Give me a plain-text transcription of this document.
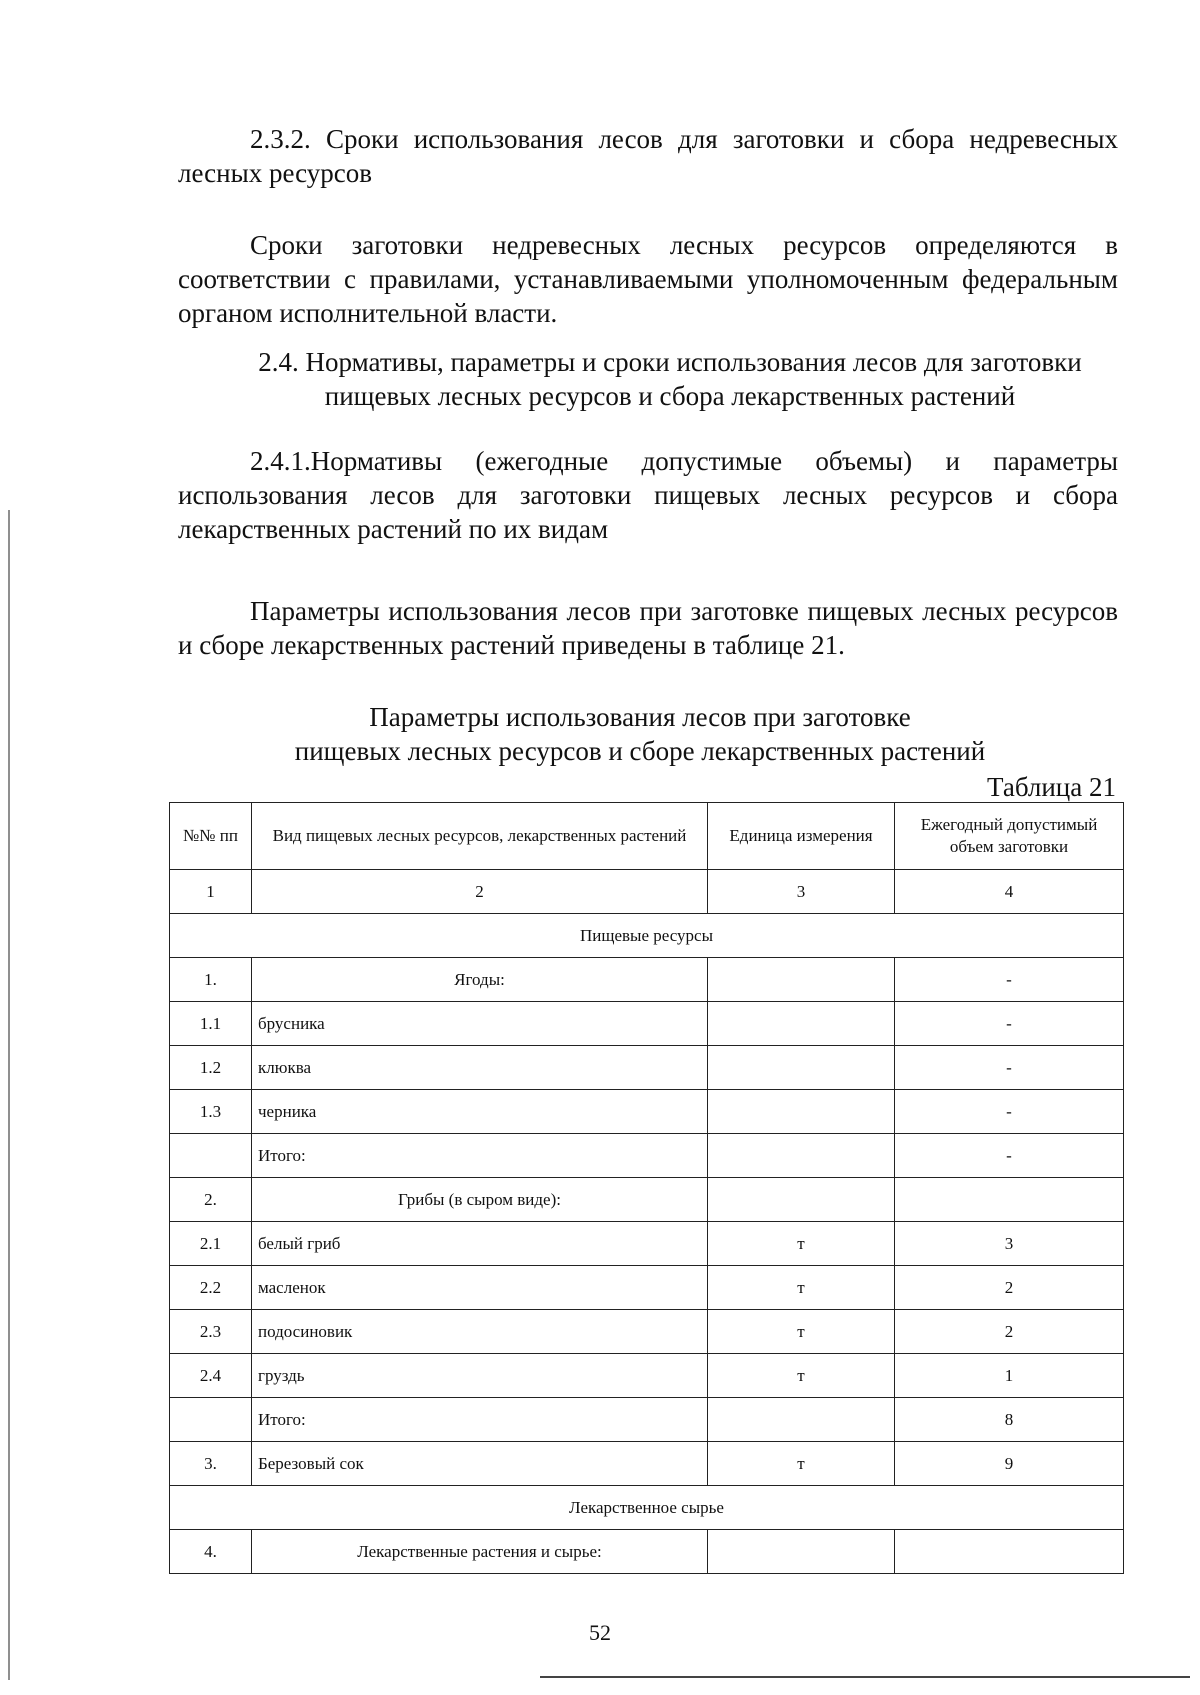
2.3.2. Сроки использования лесов для заготовки и сбора недревесных лесных ресурсов

Сроки заготовки недревесных лесных ресурсов определяются в соответствии с правилами, устанавливаемыми уполномоченным федеральным органом исполнительной власти.

2.4. Нормативы, параметры и сроки использования лесов для заготовки пищевых лесных ресурсов и сбора лекарственных растений

2.4.1.Нормативы (ежегодные допустимые объемы) и параметры использования лесов для заготовки пищевых лесных ресурсов и сбора лекарственных растений по их видам

Параметры использования лесов при заготовке пищевых лесных ресурсов и сборе лекарственных растений приведены в таблице 21.

Параметры использования лесов при заготовке

пищевых лесных ресурсов и сборе лекарственных растений

Таблица 21

№№ пп	Вид пищевых лесных ресурсов, лекарственных растений	Единица измерения	Ежегодный допустимый объем заготовки
1	2	3	4
Пищевые ресурсы			
1.	Ягоды:		-
1.1	брусника		-
1.2	клюква		-
1.3	черника		-
	Итого:		-
2.	Грибы (в сыром виде):		
2.1	белый гриб	т	3
2.2	масленок	т	2
2.3	подосиновик	т	2
2.4	груздь	т	1
	Итого:		8
3.	Березовый сок	т	9
Лекарственное сырье			
4.	Лекарственные растения и сырье:		

52
